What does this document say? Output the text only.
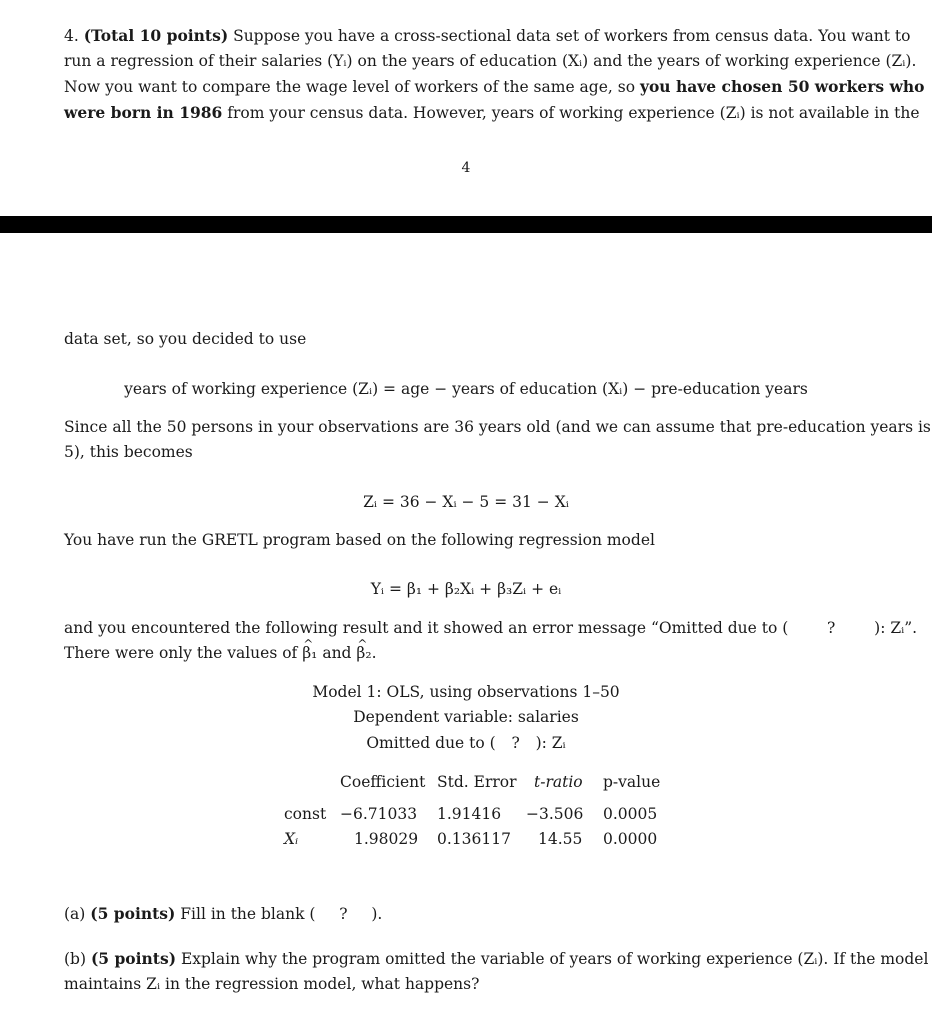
4. (Total 10 points) Suppose you have a cross-sectional data set of workers from census data. You want to
run a regression of their salaries (Yᵢ) on the years of education (Xᵢ) and the years of working experience (Zᵢ).
Now you want to compare the wage level of workers of the same age, so you have chosen 50 workers who
were born in 1986 from your census data. However, years of working experience (Zᵢ) is not available in the
4
data set, so you decided to use
years of working experience (Zᵢ) = age − years of education (Xᵢ) − pre-education years
Since all the 50 persons in your observations are 36 years old (and we can assume that pre-education years is
5), this becomes
Zᵢ = 36 − Xᵢ − 5 = 31 − Xᵢ
You have run the GRETL program based on the following regression model
Yᵢ = β₁ + β₂Xᵢ + β₃Zᵢ + eᵢ
and you encountered the following result and it showed an error message “Omitted due to (	?	): Zᵢ”.
There were only the values of ^ β₁ and ^ β₂.
Model 1: OLS, using observations 1–50
Dependent variable: salaries
Omitted due to ( ? ): Zᵢ
Coefficient Std. Error t-ratio p-value
const −6.71033 1.91416 −3.506 0.0005
Xᵢ	1.98029 0.136117 14.55 0.0000
(a) (5 points) Fill in the blank ( ? ).
(b) (5 points) Explain why the program omitted the variable of years of working experience (Zᵢ). If the model
maintains Zᵢ in the regression model, what happens?
